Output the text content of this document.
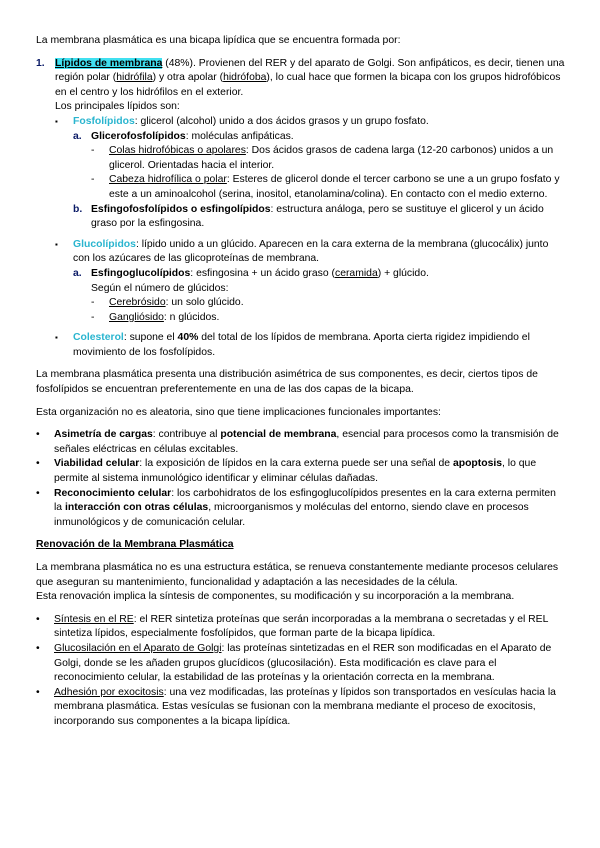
La membrana plasmática es una bicapa lipídica que se encuentra formada por:

1. Lípidos de membrana (48%). Provienen del RER y del aparato de Golgi. Son anfipáticos, es decir, tienen una región polar (hidrófila) y otra apolar (hidrófoba), lo cual hace que formen la bicapa con los grupos hidrofóbicos en el centro y los hidrófilos en el exterior.

Los principales lípidos son:

▪ Fosfolípidos: glicerol (alcohol) unido a dos ácidos grasos y un grupo fosfato.

a. Glicerofosfolípidos: moléculas anfipáticas.

- Colas hidrofóbicas o apolares: Dos ácidos grasos de cadena larga (12-20 carbonos) unidos a un glicerol. Orientadas hacia el interior.

- Cabeza hidrofílica o polar: Esteres de glicerol donde el tercer carbono se une a un grupo fosfato y este a un aminoalcohol (serina, inositol, etanolamina/colina). En contacto con el medio externo.

b. Esfingofosfolípidos o esfingolípidos: estructura análoga, pero se sustituye el glicerol y un ácido graso por la esfingosina.

▪ Glucolípidos: lípido unido a un glúcido. Aparecen en la cara externa de la membrana (glucocálix) junto con los azúcares de las glicoproteínas de membrana.

a. Esfingoglucolípidos: esfingosina + un ácido graso (ceramida) + glúcido.

Según el número de glúcidos:

- Cerebrósido: un solo glúcido.

- Gangliósido: n glúcidos.

▪ Colesterol: supone el 40% del total de los lípidos de membrana. Aporta cierta rigidez impidiendo el movimiento de los fosfolípidos.

La membrana plasmática presenta una distribución asimétrica de sus componentes, es decir, ciertos tipos de fosfolípidos se encuentran preferentemente en una de las dos capas de la bicapa.

Esta organización no es aleatoria, sino que tiene implicaciones funcionales importantes:

• Asimetría de cargas: contribuye al potencial de membrana, esencial para procesos como la transmisión de señales eléctricas en células excitables.

• Viabilidad celular: la exposición de lípidos en la cara externa puede ser una señal de apoptosis, lo que permite al sistema inmunológico identificar y eliminar células dañadas.

• Reconocimiento celular: los carbohidratos de los esfingoglucolípidos presentes en la cara externa permiten la interacción con otras células, microorganismos y moléculas del entorno, siendo clave en procesos inmunológicos y de comunicación celular.

Renovación de la Membrana Plasmática

La membrana plasmática no es una estructura estática, se renueva constantemente mediante procesos celulares que aseguran su mantenimiento, funcionalidad y adaptación a las necesidades de la célula.

Esta renovación implica la síntesis de componentes, su modificación y su incorporación a la membrana.

• Síntesis en el RE: el RER sintetiza proteínas que serán incorporadas a la membrana o secretadas y el REL sintetiza lípidos, especialmente fosfolípidos, que forman parte de la bicapa lipídica.

• Glucosilación en el Aparato de Golgi: las proteínas sintetizadas en el RER son modificadas en el Aparato de Golgi, donde se les añaden grupos glucídicos (glucosilación). Esta modificación es clave para el reconocimiento celular, la estabilidad de las proteínas y la orientación correcta en la membrana.

• Adhesión por exocitosis: una vez modificadas, las proteínas y lípidos son transportados en vesículas hacia la membrana plasmática. Estas vesículas se fusionan con la membrana mediante el proceso de exocitosis, incorporando sus componentes a la bicapa lipídica.
